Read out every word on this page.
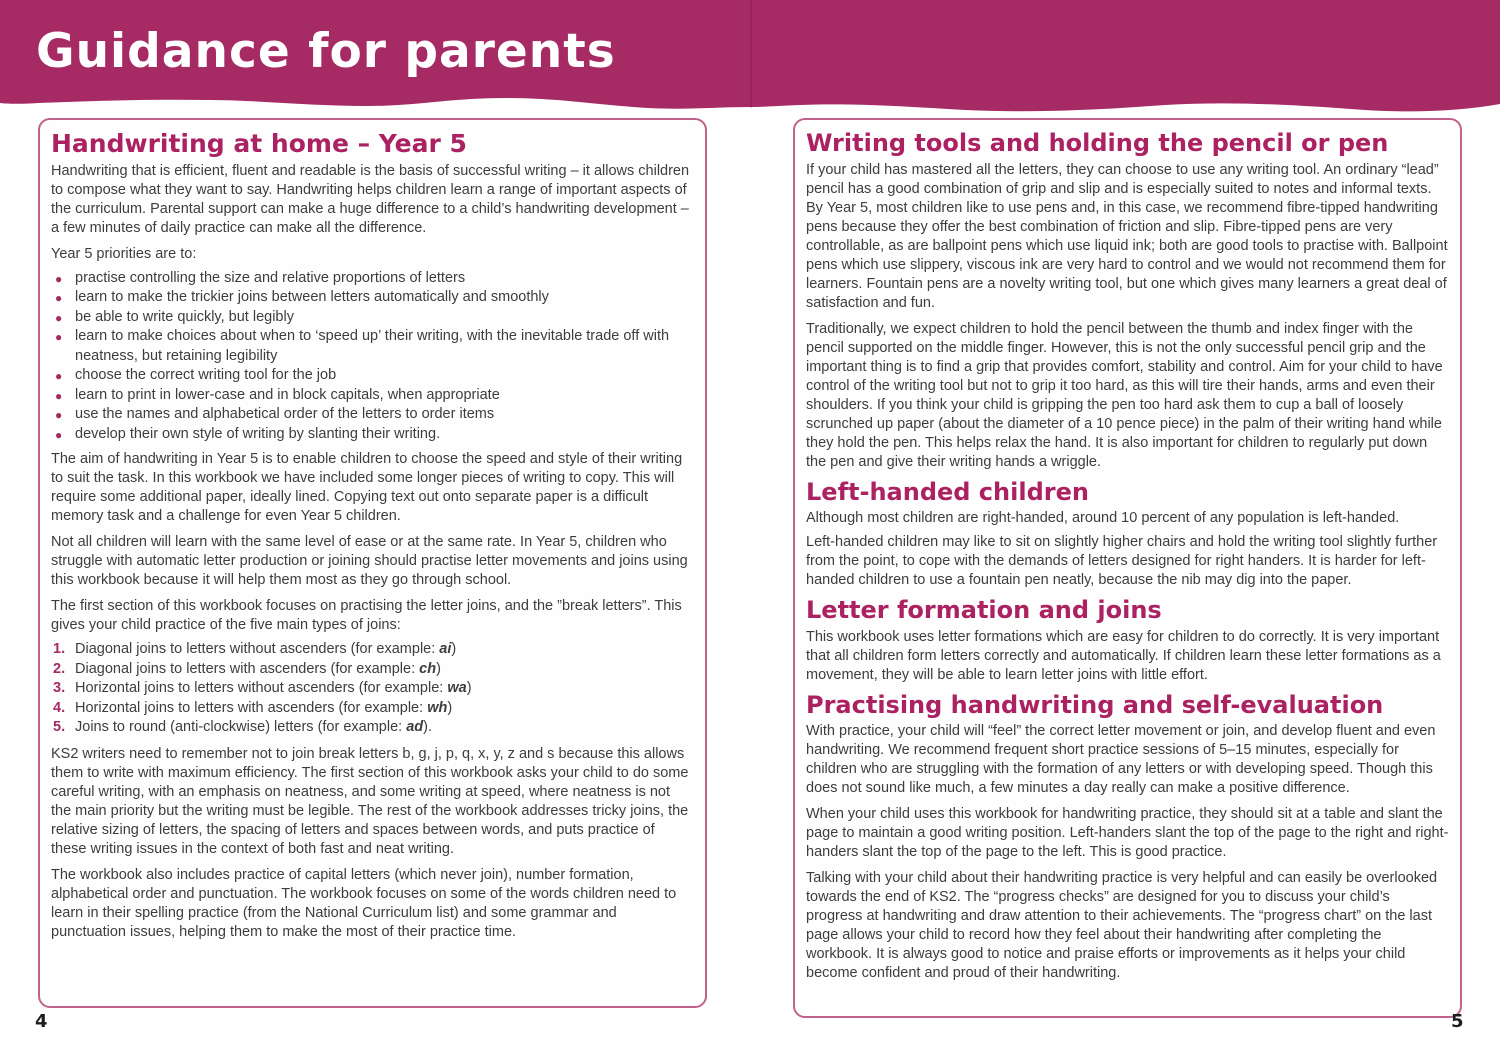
Guidance for parents
Handwriting at home – Year 5

Handwriting that is efficient, fluent and readable is the basis of successful writing – it allows children to compose what they want to say. Handwriting helps children learn a range of important aspects of the curriculum. Parental support can make a huge difference to a child’s handwriting development – a few minutes of daily practice can make all the difference.

Year 5 priorities are to:

● practise controlling the size and relative proportions of letters
● learn to make the trickier joins between letters automatically and smoothly
● be able to write quickly, but legibly
● learn to make choices about when to ‘speed up’ their writing, with the inevitable trade off with neatness, but retaining legibility
● choose the correct writing tool for the job
● learn to print in lower-case and in block capitals, when appropriate
● use the names and alphabetical order of the letters to order items
● develop their own style of writing by slanting their writing.

The aim of handwriting in Year 5 is to enable children to choose the speed and style of their writing to suit the task. In this workbook we have included some longer pieces of writing to copy. This will require some additional paper, ideally lined. Copying text out onto separate paper is a difficult memory task and a challenge for even Year 5 children.

Not all children will learn with the same level of ease or at the same rate. In Year 5, children who struggle with automatic letter production or joining should practise letter movements and joins using this workbook because it will help them most as they go through school.

The first section of this workbook focuses on practising the letter joins, and the ”break letters”. This gives your child practice of the five main types of joins:

1. Diagonal joins to letters without ascenders (for example: ai)
2. Diagonal joins to letters with ascenders (for example: ch)
3. Horizontal joins to letters without ascenders (for example: wa)
4. Horizontal joins to letters with ascenders (for example: wh)
5. Joins to round (anti-clockwise) letters (for example: ad).

KS2 writers need to remember not to join break letters b, g, j, p, q, x, y, z and s because this allows them to write with maximum efficiency. The first section of this workbook asks your child to do some careful writing, with an emphasis on neatness, and some writing at speed, where neatness is not the main priority but the writing must be legible. The rest of the workbook addresses tricky joins, the relative sizing of letters, the spacing of letters and spaces between words, and puts practice of these writing issues in the context of both fast and neat writing.

The workbook also includes practice of capital letters (which never join), number formation, alphabetical order and punctuation. The workbook focuses on some of the words children need to learn in their spelling practice (from the National Curriculum list) and some grammar and punctuation issues, helping them to make the most of their practice time.

Writing tools and holding the pencil or pen

If your child has mastered all the letters, they can choose to use any writing tool. An ordinary “lead” pencil has a good combination of grip and slip and is especially suited to notes and informal texts. By Year 5, most children like to use pens and, in this case, we recommend fibre-tipped handwriting pens because they offer the best combination of friction and slip. Fibre-tipped pens are very controllable, as are ballpoint pens which use liquid ink; both are good tools to practise with. Ballpoint pens which use slippery, viscous ink are very hard to control and we would not recommend them for learners. Fountain pens are a novelty writing tool, but one which gives many learners a great deal of satisfaction and fun.

Traditionally, we expect children to hold the pencil between the thumb and index finger with the pencil supported on the middle finger. However, this is not the only successful pencil grip and the important thing is to find a grip that provides comfort, stability and control. Aim for your child to have control of the writing tool but not to grip it too hard, as this will tire their hands, arms and even their shoulders. If you think your child is gripping the pen too hard ask them to cup a ball of loosely scrunched up paper (about the diameter of a 10 pence piece) in the palm of their writing hand while they hold the pen. This helps relax the hand. It is also important for children to regularly put down the pen and give their writing hands a wriggle.

Left-handed children

Although most children are right-handed, around 10 percent of any population is left-handed.

Left-handed children may like to sit on slightly higher chairs and hold the writing tool slightly further from the point, to cope with the demands of letters designed for right handers. It is harder for left-handed children to use a fountain pen neatly, because the nib may dig into the paper.

Letter formation and joins

This workbook uses letter formations which are easy for children to do correctly. It is very important that all children form letters correctly and automatically. If children learn these letter formations as a movement, they will be able to learn letter joins with little effort.

Practising handwriting and self-evaluation

With practice, your child will “feel” the correct letter movement or join, and develop fluent and even handwriting. We recommend frequent short practice sessions of 5–15 minutes, especially for children who are struggling with the formation of any letters or with developing speed. Though this does not sound like much, a few minutes a day really can make a positive difference.

When your child uses this workbook for handwriting practice, they should sit at a table and slant the page to maintain a good writing position. Left-handers slant the top of the page to the right and right-handers slant the top of the page to the left. This is good practice.

Talking with your child about their handwriting practice is very helpful and can easily be overlooked towards the end of KS2. The “progress checks” are designed for you to discuss your child’s progress at handwriting and draw attention to their achievements. The “progress chart” on the last page allows your child to record how they feel about their handwriting after completing the workbook. It is always good to notice and praise efforts or improvements as it helps your child become confident and proud of their handwriting.

4	5
